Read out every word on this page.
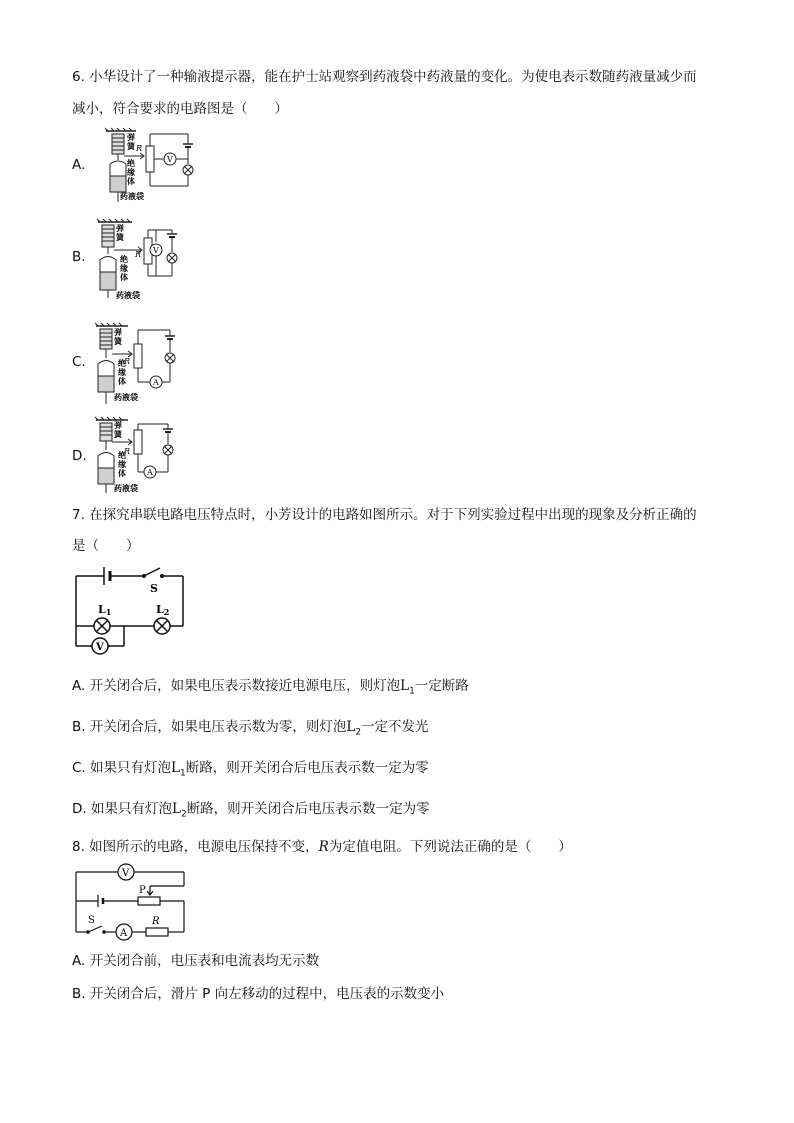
6. 小华设计了一种输液提示器，能在护士站观察到药液袋中药液量的变化。为使电表示数随药液量减少而
减小，符合要求的电路图是（　　）
A.
B.
C.
D.
弹
簧
绝
缘
体
药液袋
R
V
弹
簧
绝
缘
体
药液袋
R V
弹
簧
绝
缘
体
药液袋
R
A
弹
簧
绝
缘
体
药液袋
R
A
7. 在探究串联电路电压特点时，小芳设计的电路如图所示。对于下列实验过程中出现的现象及分析正确的
是（　　）
S
L1	L2
V
A. 开关闭合后，如果电压表示数接近电源电压，则灯泡$L_1$一定断路
B. 开关闭合后，如果电压表示数为零，则灯泡$L_2$一定不发光
C. 如果只有灯泡$L_1$断路，则开关闭合后电压表示数一定为零
D. 如果只有灯泡$L_2$断路，则开关闭合后电压表示数一定为零
8. 如图所示的电路，电源电压保持不变，R为定值电阻。下列说法正确的是（　　）
V
P
S
A
R
A. 开关闭合前，电压表和电流表均无示数
B. 开关闭合后，滑片 P 向左移动的过程中，电压表的示数变小
